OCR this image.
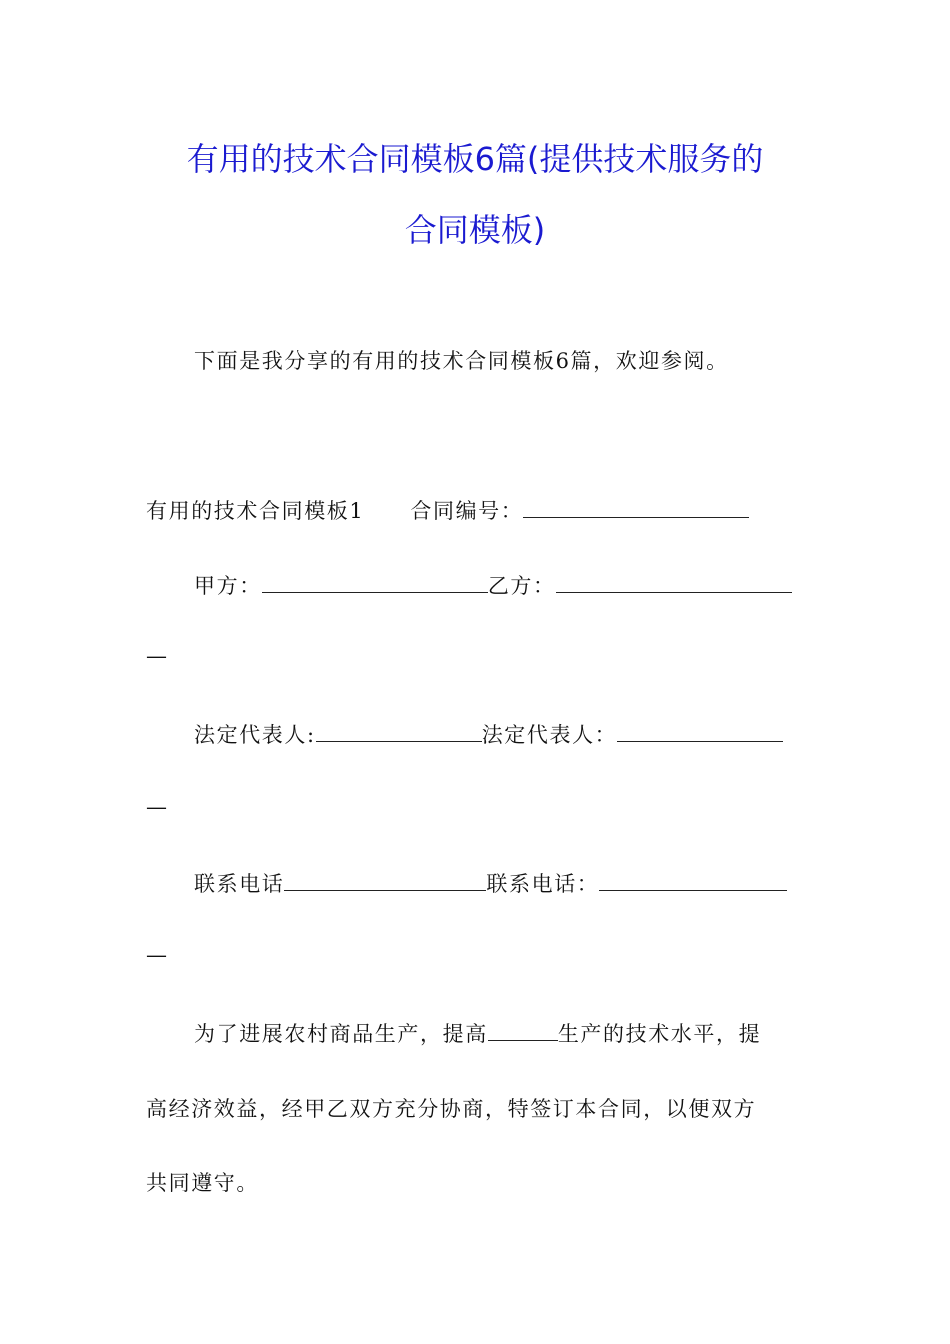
有用的技术合同模板6篇(提供技术服务的
合同模板)
下面是我分享的有用的技术合同模板6篇，欢迎参阅。
有用的技术合同模板1 合同编号：
甲方：	乙方：
—
法定代表人:	法定代表人：
—
联系电话	联系电话：
—
为了进展农村商品生产，提高	生产的技术水平，提
高经济效益，经甲乙双方充分协商，特签订本合同，以便双方
共同遵守。
